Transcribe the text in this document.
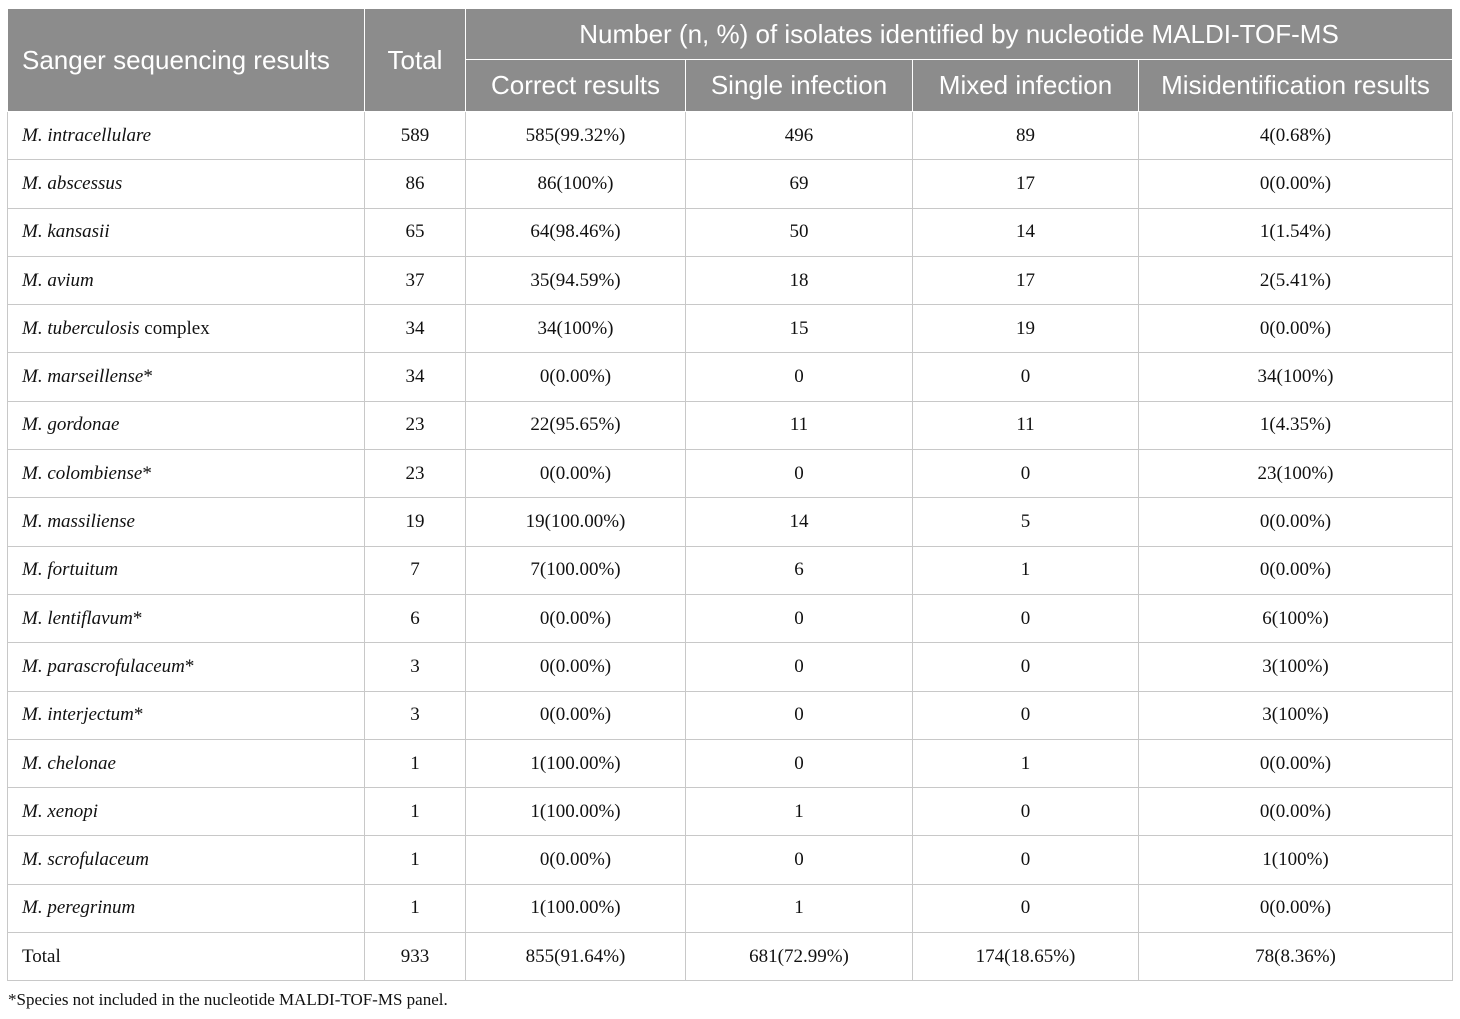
Sanger sequencing results	Total	Number (n, %) of isolates identified by nucleotide MALDI-TOF-MS			
		Correct results	Single infection	Mixed infection	Misidentification results
M. intracellulare	589	585(99.32%)	496	89	4(0.68%)
M. abscessus	86	86(100%)	69	17	0(0.00%)
M. kansasii	65	64(98.46%)	50	14	1(1.54%)
M. avium	37	35(94.59%)	18	17	2(5.41%)
M. tuberculosis complex	34	34(100%)	15	19	0(0.00%)
M. marseillense*	34	0(0.00%)	0	0	34(100%)
M. gordonae	23	22(95.65%)	11	11	1(4.35%)
M. colombiense*	23	0(0.00%)	0	0	23(100%)
M. massiliense	19	19(100.00%)	14	5	0(0.00%)
M. fortuitum	7	7(100.00%)	6	1	0(0.00%)
M. lentiflavum*	6	0(0.00%)	0	0	6(100%)
M. parascrofulaceum*	3	0(0.00%)	0	0	3(100%)
M. interjectum*	3	0(0.00%)	0	0	3(100%)
M. chelonae	1	1(100.00%)	0	1	0(0.00%)
M. xenopi	1	1(100.00%)	1	0	0(0.00%)
M. scrofulaceum	1	0(0.00%)	0	0	1(100%)
M. peregrinum	1	1(100.00%)	1	0	0(0.00%)
Total	933	855(91.64%)	681(72.99%)	174(18.65%)	78(8.36%)
*Species not included in the nucleotide MALDI-TOF-MS panel.
